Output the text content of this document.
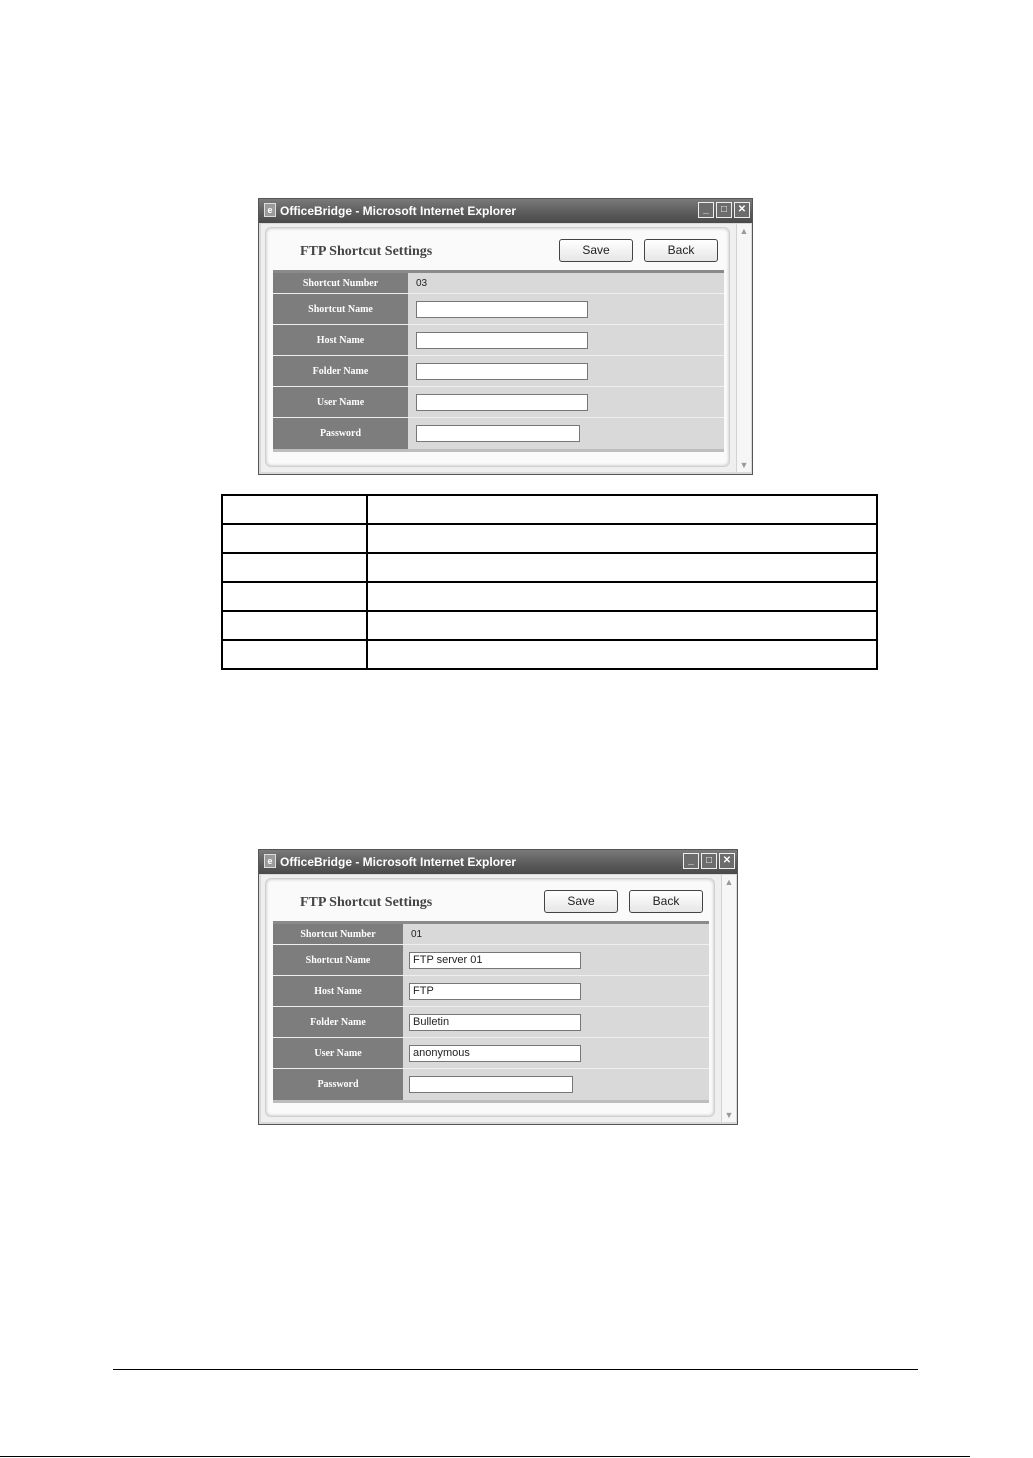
e OfficeBridge - Microsoft Internet Explorer	_	□	✕
FTP Shortcut Settings	Save	Back
Shortcut Number	03
Shortcut Name
Host Name
Folder Name
User Name
Password
▲
▼

e OfficeBridge - Microsoft Internet Explorer	_	□	✕
FTP Shortcut Settings	Save	Back
Shortcut Number	01
Shortcut Name	FTP server 01
Host Name	FTP
Folder Name	Bulletin
User Name	anonymous
Password
▲
▼
